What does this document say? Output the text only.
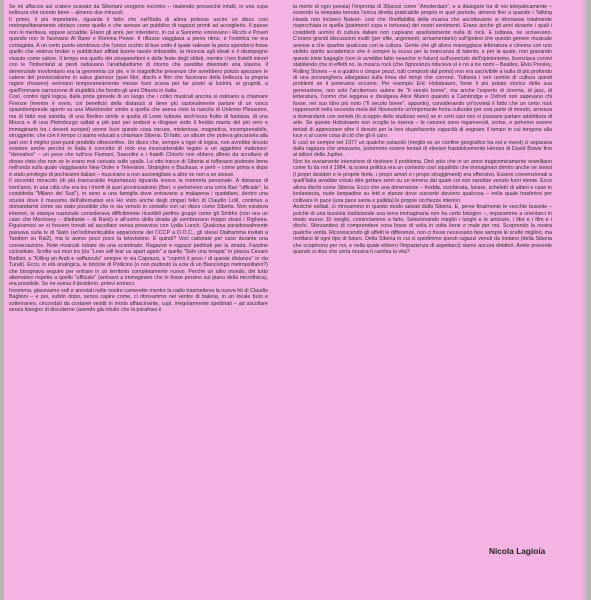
Se mi affaccio sul cratere scavato da Siberiani vengono incontro – risalendo pressoché intatti, in una cupa bellezza che ricordo bene – almeno due miracoli.

Il primo, il più importante, riguarda il fatto che nell'Italia di allora potesse uscire un disco così metropolitanamente ubriaco come quello e che avesse un pubblico di ragazzi pronti ad accoglierlo. Il paese non lo meritava, eppure accadde. Erano gli anni, per intenderci, in cui a Sanremo vincevano i Ricchi e Poveri quando non lo facevano Al Bano e Romina Power. Il riflusso viaggiava a pieno ritmo, e l'estetica ne era contagiata. A un certo punto sembrava che l'unico occhio di bue sotto il quale valesse la pena spendersi fosse quello che vedeva broker e pubblicitari affilati buone tavole imbandite, la rinuncia agli ideali e il disimpegno vissuto come valore. Il tempo era quello dei cinepanettoni e delle feste degli stilisti, mentre i loro fratelli minori con le Timberland ai piedi radiavano l'analfabetismo di ritorno che sarebbe diventato una slavina. Il demenziale involontario era la geometria coi pie, e le magnifiche presenze che avrebbero potuto spezzare le catene del provincialismo in salsa glamour (quei libri, dischi e film che facevano della bellezza la propria ragion d'essere) venivano temporaneamente messe fuori scena per far posto ai lustrini, ai grugniti, a quell'immane carrozzone di stupidità che fornito gli anni Ottanta in Italia.

Così, contro ogni logica, dalla porta girevole di un luogo che i critici musicali ancora si ostinano a chiamare Firenze (mentre è ovvio, col beneficio della distanza si deve più razionalmente parlare di un varco spaziotemporale aperto su una Manchester simile a quella che aveva visto la nascita di Unknow Pleasures, ma di fatto mai esistita, di una Berlino simile a quella di Lowe tuttavia anch'essa frutto di fantasia, di una Mosca e di una Pietroburgo saltati a piè pari per andarsi a rifugiare sotto il freddo manto del più vero e immaginario tra i deserti europei) venne fuori questo cosa oscura, misteriosa, magnetica, incomprensibile, struggente, che con il tempo ci siamo educati a chiamare Siberia. Di fatto, un album che poteva giocarsela alla pari con il miglior post-punk prodotto oltreconfine. Un disco che, sempre a rigor di logica, non avrebbe dovuto esistere anche perché in Italia il concetto di rock era inconsiderabile legato a un aggettivo malizioso: "derivativo" – un peso che tutt'ora Fiumani, Sassolini e i fratelli Chiochi non ebbero difeso da scrollarsi di dosso visto che non se lo erano mai caricato sulle spalle. Le otto tracce di Siberia si tuffavano piuttosto bene nell'onda sulla quale viaggiavano New Order e Television, Strangles e Bauhaus, e però – come prima e dopo è stato privilegio di pochissimi italiani – riuscivano a non assomigliare a altre se non a se stesse.

Il secondo miracolo (di più trascurabile importanza) riguarda invece la memoria personale. A distanza di trent'anni, in una città che era tra i trionfi di quel provincialismo (Bari, o perlomeno una certa Bari "ufficiale", la cosiddetta "Milano del Sud"), in seno a una famiglia dove entravano a malapena i quotidiani, dentro una scuola dove il massimo dell'alternativo era Ho visto anche degli zingari felici di Claudio Lolli, continuo a domandarmi come sia stato possibile che io sia venuto in contatto con un disco come Siberia. Non esisteva internet, la stampa nazionale considerava difficilmente ricevibili perfino gruppi come gli Smiths (non era un caso che Morrissey – dilettante – di Rank) e all'uomo della strada gli sembravano troppo strani i Righeira. Figuriamoci se si fossero trovati ad ascoltare senza preavviso con Lydia Lunch. Qualcosa paradossalmente passava sulla tv di Stato (un'indimenticabile apparizione dei CCCP a D.O.C., gli stessi Diaframma invitati a Tandem su Rai2), ma lo avevo poco poco la televisione. E quindi? Voci catturate per caso durante una conversazione. Note musicali rubate da una scantinato. Ragazze e ragazzi pedinati per la strada. Fanzine ciclostilate. Scritte sui muri tra (da "Love will tear us apart again" a quella "Solo una terapia" in piazza Cesare Battisti, a "Killing an Arab e vaffanculo" sempre in via Caprazzi, a "coprirò il peso / di queste distanze" in via Turati). Ecco, in età analogica, le briciole di Pollicino (o non piuttosto la scia di un Biancoingo metropolitano?) che bisognava seguire per entrare in un territorio completamente nuovo. Perché un altro mondo, del tutto alternativo rispetto a quello "ufficiale" (arrivavo a immaginare che lo fosse persino sul piano della microfisica), era possibile. Se ne aveva il desiderio, potevi entrarci.

Insomma, giacevamo sotl e annoiati nelle nostre camerette mentre la radio trasmetteva la nuova hit di Claudio Baglioni – e poi, subito dopo, senza capire come, ci ritrovammo nel ventre di balena, in un locale buio e sotterraneo, circondati da costanei vestiti in modo affascinante, cupi, irregolarmente spettinati – ad ascoltare senza bisogno di discuterne (avendo già intuito che la parafrasi è

la morte di ogni poesia) l'impronta di 30pezzi come "Amsterdam", e a dialogare tra di noi telepaticamente – essendo la telepatia tornata l'unica diretta praticabile proprio in quel periodo, almeno fino a quando i Talking Heads non incisero Naked– così che l'ineffabilità della musica che ascoltavamo si ritrovasse totalmente rispecchiata in quella (parimenti cupa e tortuosa) dei nostri sentimenti. Erano anche gli anni durante i quali i cosiddetti uomini di cultura italiani non capivano assolutamente nulla di rock. E tuttavia, ne scrivevano. C'erano grandi discussioni inutili (per sfile, argomenti, armamentario) sull'ipotesi che questo genere musicale avesse a che spartire qualcosa con la cultura. Gente che gli allora maneggiava letteratura e cinema con uno stolido spirito accademico che è sempre la scusa per la mancanza di talento, e per la quale, non gravando questo triste bagaglio (non lo avrebbe fatto neanche in futuro) sull'esercizio dell'opinionismo, licenziava corsivi stabilendo che in effetti no, la musica rock (che l'ignoranza riduceva sì e no a tre nomi – Beatles, Elvis Presley, Rolling Stones – e a quattro o cinque pezzi, tutti composti dal primo) non era ascrivibile a nulla di più profondo di una pozzanghera allargatasi sulla linea dei tempi che corrono. Tuttavia i veri uomini di cultura questi problemi se li ponevano eccome. Per esempio Eric Hobsbawm, forse il più potato storico della sua generazione, non solo l'arcitemuro autore de "Il secolo breve", ma anche l'esperto di cinema, di jazz, di letteratura, l'uomo che leggeva e divulgava Alice Munro quando a Cambridge e Oxford non sapevano chi fosse, nel suo libro più noto ("Il secolo breve", appunto), considerando un'ovvietà il fatto che un certo rock rappresenti nella seconda metà del Novecento un'importante forza culturale per una parte di mondo, arrivava a domandarsi con serietà (lo scoppio dello studioso vero) se in certi casi non si possano parlare addirittura di arte. Se questo Hobsbawm non scoglie la riserva – le canzoni sono ingannevoli, scrive, e potremo essere tentati di apprezzare oltre il dovuto per la loro stupefacente capacità di segnare il tempo in cui tengono alla luce o al cuore cosa di ciò che gli è caro.

E così se sempre nel 1977 un qualche ostacolo (meglio se un confine geografico tra est e ovest) ci separava dalla ragazza che amavamo, potremmo essere tentati di elevare frasidolcemente Heroes di David Bowie fino ai talloni della Jupiter.

Non ho ovviamente intenzione di risolvere il problema. Dirò solo che in un anno tragicomicamente orwelliano come fu da noi il 1984, la scena politica era un contesto così squallido che immaginavi dentro anche se stessi (i propri desideri e le proprie ferite, i propri amori e i propri struggimenti) era offensivo. Essere convenzionati a quell'Italia avrebbe voluto dire gettare semi su un terreno dal quale coi non sarebbe venuto fuori niente. Ecco allora dischi come Siberia. Ecco che una dimensione – fredda, scorbinata, lunare, scheletri di alberi e case in lontananza, nude lampadine su letti e stanze dove succede davvero qualcosa – nella quale trasferirsi per coltivare in pace (una pace santa e pallida) le proprie ricchezze interiori.

Anziché esiliati, ci ritrovammo in questo modo salvati dalla Siberia. E, perse finalmente le vecchie bussole – poiché di una bussola tradizionale una terra immaginaria non ha certo bisogno –, imparammo a orientarci in modo nuovo. Di meglio, cominciammo a farlo. Selezionando meglio i luoghi e le amicizie, i libri e i film e i dischi. Sforzandoci di comprendere cosa fosse di volta in volta bene e male per noi. Scoprendo la nostra qualche verità. Riconoscendo gli affetti le differenze, non ci fosse necessario fare sempre le scelte migliori, ma rivoltarsi di ogni tipo di futuro. Della Siberia in cui ci spedimmo questi ragazzi venuti da lontano (della Siberia che scoprirono per noi, e nella quale ebbero l'impazienza di aspettarci) siamo ancora debitori. Avete presente quando si dice che certa musica ti cambia la vita?

Nicola Lagioia
